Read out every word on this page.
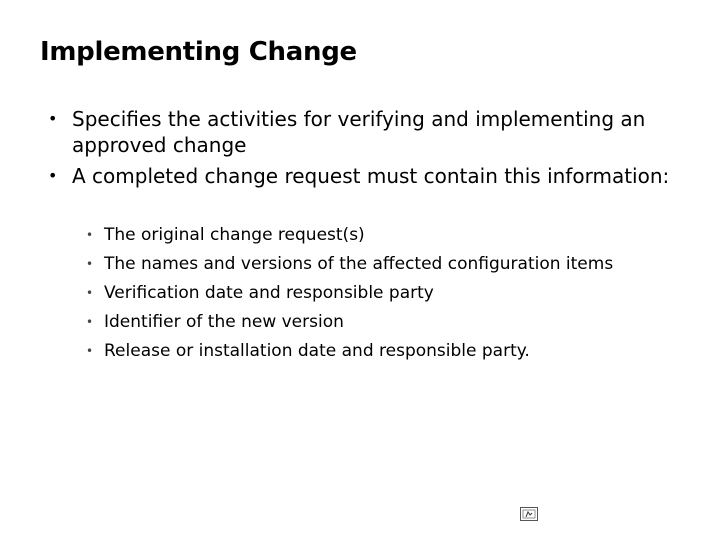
Implementing Change
• Specifies the activities for verifying and implementing an approved change
• A completed change request must contain this information:
• The original change request(s)
• The names and versions of the affected configuration items
• Verification date and responsible party
• Identifier of the new version
• Release or installation date and responsible party.
